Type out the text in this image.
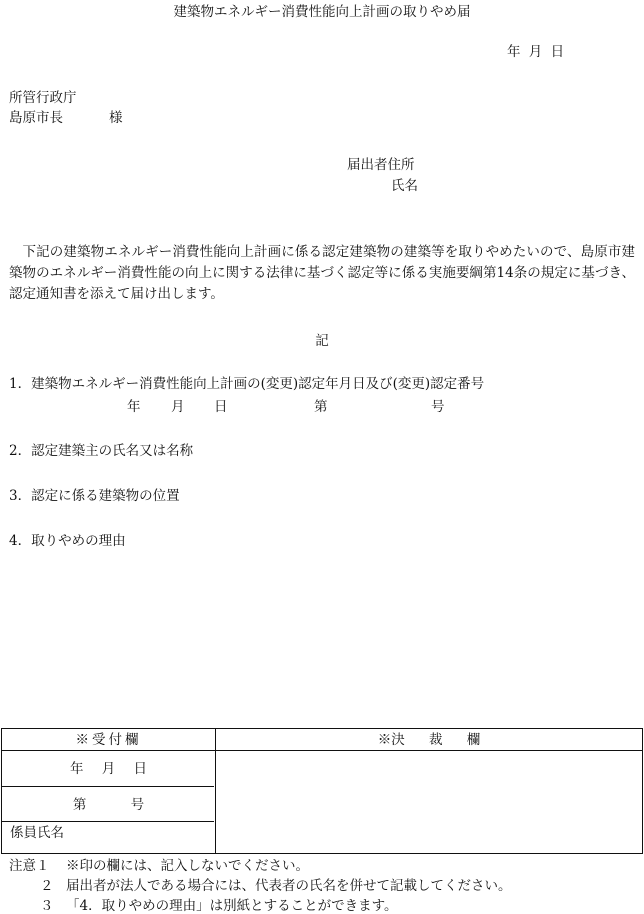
建築物エネルギー消費性能向上計画の取りやめ届
年 月 日
所管行政庁
島原市長	様
届出者住所
氏名
下記の建築物エネルギー消費性能向上計画に係る認定建築物の建築等を取りやめたいので、島原市建築物のエネルギー消費性能の向上に関する法律に基づく認定等に係る実施要綱第14条の規定に基づき、認定通知書を添えて届け出します。
記
1．建築物エネルギー消費性能向上計画の(変更)認定年月日及び(変更)認定番号
年 月 日	第	号
2．認定建築主の氏名又は名称
3．認定に係る建築物の位置
4．取りやめの理由
※受付欄	※決 裁 欄
年 月 日
第 号
係員氏名
注意１ ※印の欄には、記入しないでください。
２ 届出者が法人である場合には、代表者の氏名を併せて記載してください。
３ 「4．取りやめの理由」は別紙とすることができます。
